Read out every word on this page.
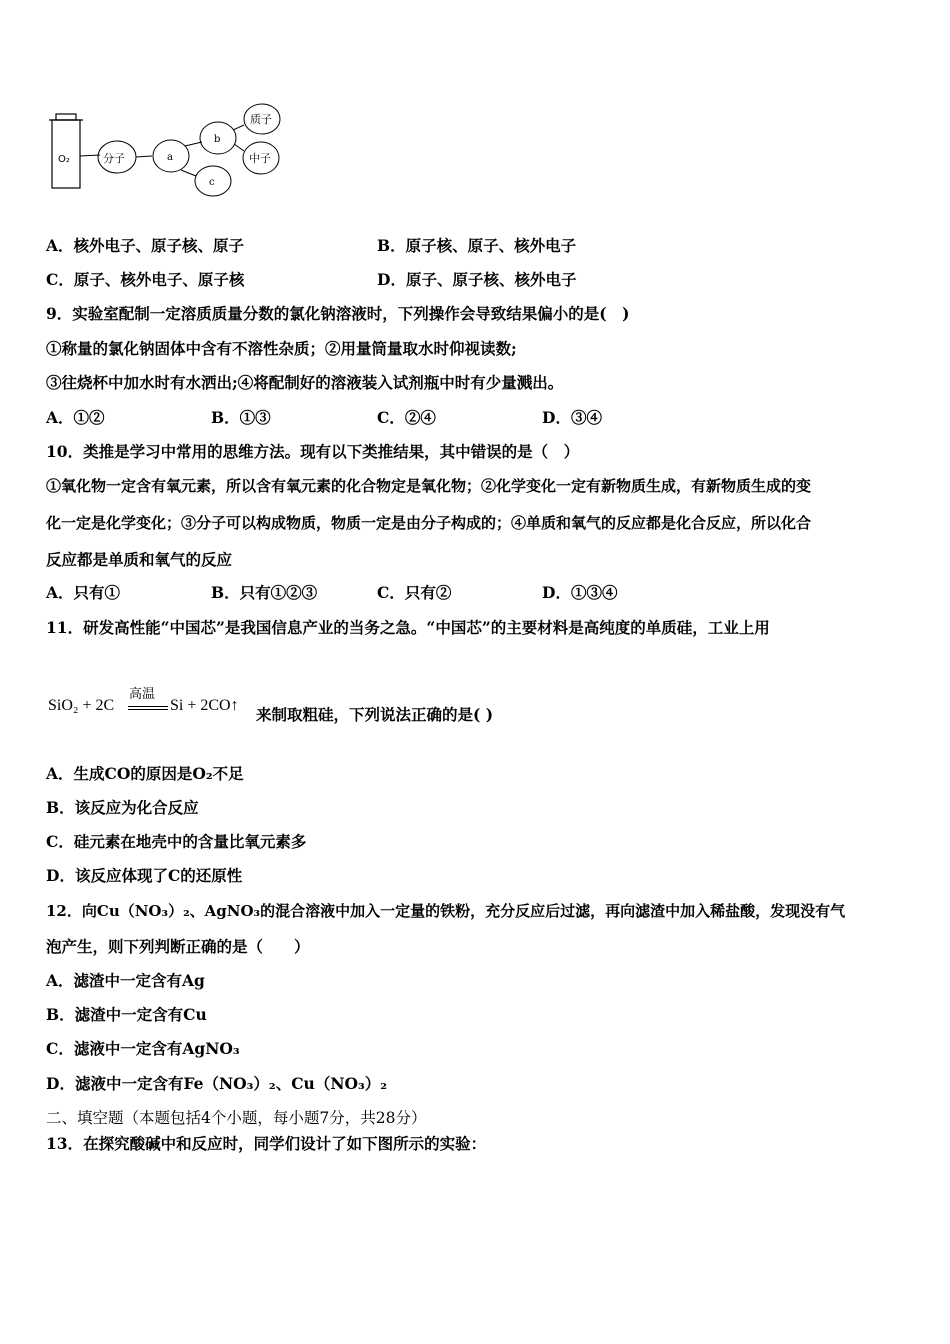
O₂	分子	a
b
c
质子
中子
A．核外电子、原子核、原子	B．原子核、原子、核外电子
C．原子、核外电子、原子核	D．原子、原子核、核外电子
9．实验室配制一定溶质质量分数的氯化钠溶液时，下列操作会导致结果偏小的是(　)
①称量的氯化钠固体中含有不溶性杂质；②用量筒量取水时仰视读数;
③往烧杯中加水时有水洒出;④将配制好的溶液装入试剂瓶中时有少量溅出。
A．①②	B．①③	C．②④	D．③④
10．类推是学习中常用的思维方法。现有以下类推结果，其中错误的是（　）
①氧化物一定含有氧元素，所以含有氧元素的化合物定是氧化物；②化学变化一定有新物质生成，有新物质生成的变
化一定是化学变化；③分子可以构成物质，物质一定是由分子构成的；④单质和氧气的反应都是化合反应，所以化合
反应都是单质和氧气的反应
A．只有①	B．只有①②③	C．只有②	D．①③④
11．研发高性能“中国芯”是我国信息产业的当务之急。“中国芯”的主要材料是高纯度的单质硅，工业上用
SiO₂ + 2C
高温
Si + 2CO↑ 来制取粗硅，下列说法正确的是( )
A．生成CO的原因是O₂不足
B．该反应为化合反应
C．硅元素在地壳中的含量比氧元素多
D．该反应体现了C的还原性
12．向Cu（NO₃）₂、AgNO₃的混合溶液中加入一定量的铁粉，充分反应后过滤，再向滤渣中加入稀盐酸，发现没有气
泡产生，则下列判断正确的是（　　）
A．滤渣中一定含有Ag
B．滤渣中一定含有Cu
C．滤液中一定含有AgNO₃
D．滤液中一定含有Fe（NO₃）₂、Cu（NO₃）₂
二、填空题（本题包括4个小题，每小题7分，共28分）
13．在探究酸碱中和反应时，同学们设计了如下图所示的实验：
